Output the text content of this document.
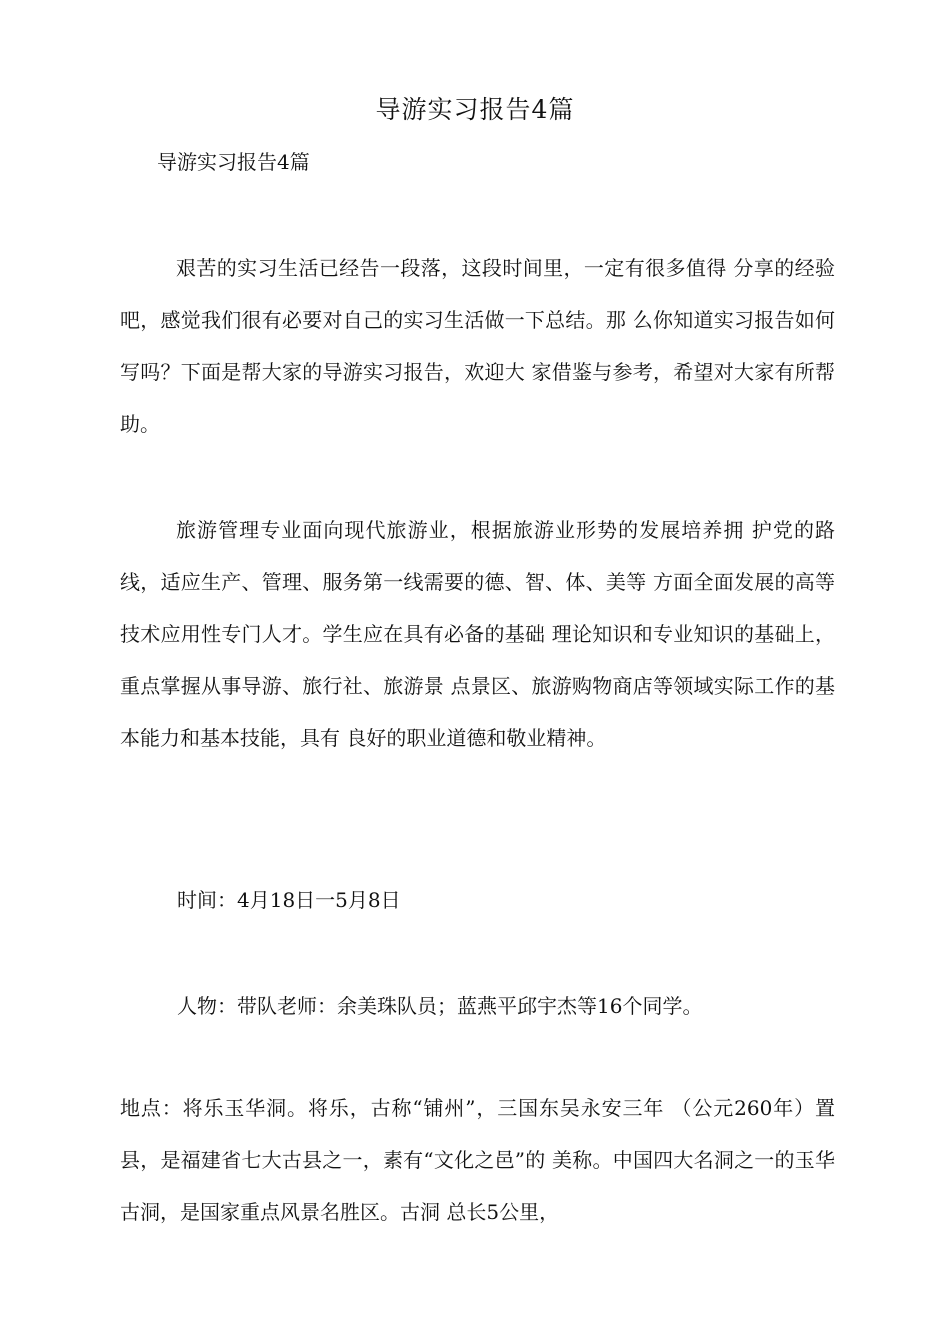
导游实习报告4篇
导游实习报告4篇

艰苦的实习生活已经告一段落，这段时间里，一定有很多值得 分享的经验吧，感觉我们很有必要对自己的实习生活做一下总结。那 么你知道实习报告如何写吗？下面是帮大家的导游实习报告，欢迎大 家借鉴与参考，希望对大家有所帮助。

旅游管理专业面向现代旅游业，根据旅游业形势的发展培养拥 护党的路线，适应生产、管理、服务第一线需要的德、智、体、美等 方面全面发展的高等技术应用性专门人才。学生应在具有必备的基础 理论知识和专业知识的基础上，重点掌握从事导游、旅行社、旅游景 点景区、旅游购物商店等领域实际工作的基本能力和基本技能，具有 良好的职业道德和敬业精神。

时间：4月18日一5月8日

人物：带队老师：余美珠队员；蓝燕平邱宇杰等16个同学。

地点：将乐玉华洞。将乐，古称“铺州”，三国东吴永安三年 （公元260年）置县，是福建省七大古县之一，素有“文化之邑”的 美称。中国四大名洞之一的玉华古洞，是国家重点风景名胜区。古洞 总长5公里，
